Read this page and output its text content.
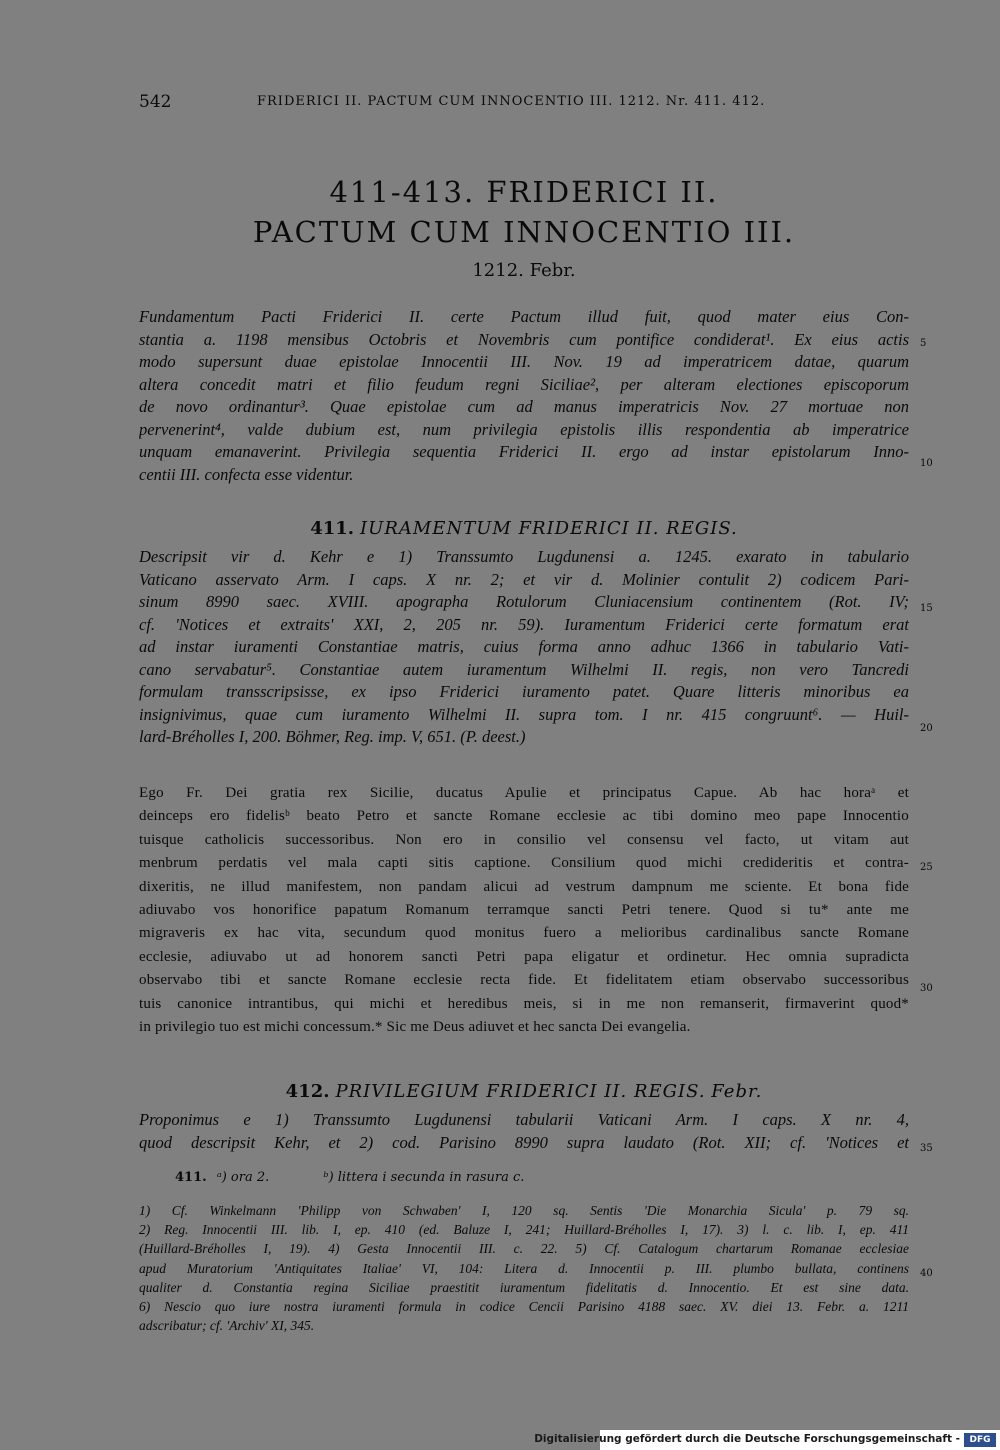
542	FRIDERICI II. PACTUM CUM INNOCENTIO III. 1212. Nr. 411. 412.
411-413. FRIDERICI II.
PACTUM CUM INNOCENTIO III.
1212. Febr.
Fundamentum Pacti Friderici II. certe Pactum illud fuit, quod mater eius Con-
stantia a. 1198 mensibus Octobris et Novembris cum pontifice condiderat¹. Ex eius actis
modo supersunt duae epistolae Innocentii III. Nov. 19 ad imperatricem datae, quarum
altera concedit matri et filio feudum regni Siciliae², per alteram electiones episcoporum
de novo ordinantur³. Quae epistolae cum ad manus imperatricis Nov. 27 mortuae non
pervenerint⁴, valde dubium est, num privilegia epistolis illis respondentia ab imperatrice
unquam emanaverint. Privilegia sequentia Friderici II. ergo ad instar epistolarum Inno-
centii III. confecta esse videntur.
411. IURAMENTUM FRIDERICI II. REGIS.
Descripsit vir d. Kehr e 1) Transsumto Lugdunensi a. 1245. exarato in tabulario
Vaticano asservato Arm. I caps. X nr. 2; et vir d. Molinier contulit 2) codicem Pari-
sinum 8990 saec. XVIII. apographa Rotulorum Cluniacensium continentem (Rot. IV;
cf. 'Notices et extraits' XXI, 2, 205 nr. 59). Iuramentum Friderici certe formatum erat
ad instar iuramenti Constantiae matris, cuius forma anno adhuc 1366 in tabulario Vati-
cano servabatur⁵. Constantiae autem iuramentum Wilhelmi II. regis, non vero Tancredi
formulam transscripsisse, ex ipso Friderici iuramento patet. Quare litteris minoribus ea
insignivimus, quae cum iuramento Wilhelmi II. supra tom. I nr. 415 congruunt⁶. — Huil-
lard-Bréholles I, 200. Böhmer, Reg. imp. V, 651. (P. deest.)
Ego Fr. Dei gratia rex Sicilie, ducatus Apulie et principatus Capue. Ab hac horaᵃ et
deinceps ero fidelisᵇ beato Petro et sancte Romane ecclesie ac tibi domino meo pape Innocentio
tuisque catholicis successoribus. Non ero in consilio vel consensu vel facto, ut vitam aut
menbrum perdatis vel mala capti sitis captione. Consilium quod michi credideritis et contra-
dixeritis, ne illud manifestem, non pandam alicui ad vestrum dampnum me sciente. Et bona fide
adiuvabo vos honorifice papatum Romanum terramque sancti Petri tenere. Quod si tu* ante me
migraveris ex hac vita, secundum quod monitus fuero a melioribus cardinalibus sancte Romane
ecclesie, adiuvabo ut ad honorem sancti Petri papa eligatur et ordinetur. Hec omnia supradicta
observabo tibi et sancte Romane ecclesie recta fide. Et fidelitatem etiam observabo successoribus
tuis canonice intrantibus, qui michi et heredibus meis, si in me non remanserit, firmaverint quod*
in privilegio tuo est michi concessum.* Sic me Deus adiuvet et hec sancta Dei evangelia.
412. PRIVILEGIUM FRIDERICI II. REGIS. Febr.
Proponimus e 1) Transsumto Lugdunensi tabularii Vaticani Arm. I caps. X nr. 4,
quod descripsit Kehr, et 2) cod. Parisino 8990 supra laudato (Rot. XII; cf. 'Notices et
411. ᵃ) ora 2.	ᵇ) littera i secunda in rasura c.
1) Cf. Winkelmann 'Philipp von Schwaben' I, 120 sq. Sentis 'Die Monarchia Sicula' p. 79 sq.
2) Reg. Innocentii III. lib. I, ep. 410 (ed. Baluze I, 241; Huillard-Bréholles I, 17). 3) l. c. lib. I, ep. 411
(Huillard-Bréholles I, 19). 4) Gesta Innocentii III. c. 22. 5) Cf. Catalogum chartarum Romanae ecclesiae
apud Muratorium 'Antiquitates Italiae' VI, 104: Litera d. Innocentii p. III. plumbo bullata, continens
qualiter d. Constantia regina Siciliae praestitit iuramentum fidelitatis d. Innocentio. Et est sine data.
6) Nescio quo iure nostra iuramenti formula in codice Cencii Parisino 4188 saec. XV. diei 13. Febr. a. 1211
adscribatur; cf. 'Archiv' XI, 345.
5
10
15
20
25
30
35
40
Digitalisierung gefördert durch die Deutsche Forschungsgemeinschaft -	DFG
